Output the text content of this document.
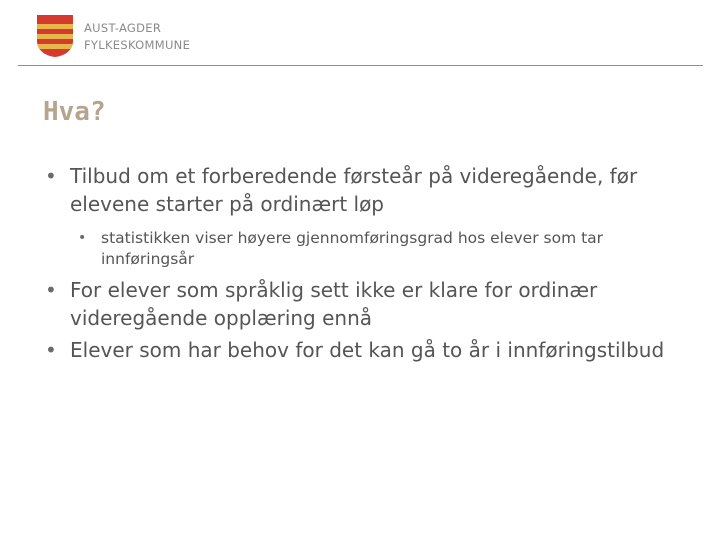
AUST-AGDER
FYLKESKOMMUNE
Hva?
• Tilbud om et forberedende førsteår på videregående, før elevene starter på ordinært løp
• statistikken viser høyere gjennomføringsgrad hos elever som tar innføringsår
• For elever som språklig sett ikke er klare for ordinær videregående opplæring ennå
• Elever som har behov for det kan gå to år i innføringstilbud
